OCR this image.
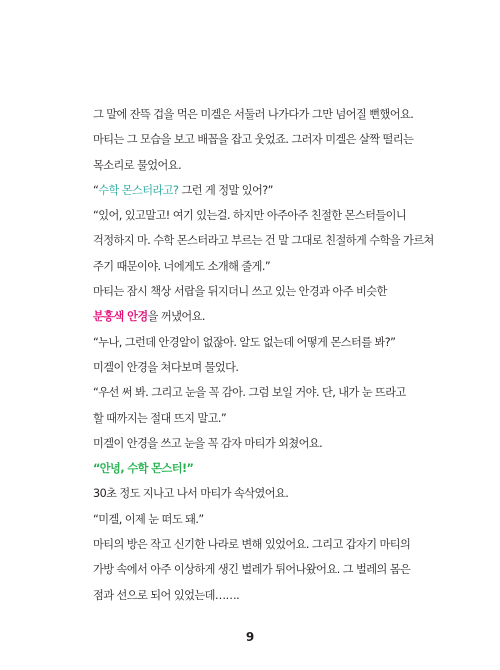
그 말에 잔뜩 겁을 먹은 미겔은 서둘러 나가다가 그만 넘어질 뻔했어요.
마티는 그 모습을 보고 배꼽을 잡고 웃었죠. 그러자 미겔은 살짝 떨리는
목소리로 물었어요.
“수학 몬스터라고? 그런 게 정말 있어?”
“있어, 있고말고! 여기 있는걸. 하지만 아주아주 친절한 몬스터들이니
걱정하지 마. 수학 몬스터라고 부르는 건 말 그대로 친절하게 수학을 가르쳐
주기 때문이야. 너에게도 소개해 줄게.”
마티는 잠시 책상 서랍을 뒤지더니 쓰고 있는 안경과 아주 비슷한
분홍색 안경을 꺼냈어요.
“누나, 그런데 안경알이 없잖아. 알도 없는데 어떻게 몬스터를 봐?”
미겔이 안경을 쳐다보며 물었다.
“우선 써 봐. 그리고 눈을 꼭 감아. 그럼 보일 거야. 단, 내가 눈 뜨라고
할 때까지는 절대 뜨지 말고.”
미겔이 안경을 쓰고 눈을 꼭 감자 마티가 외쳤어요.
“안녕, 수학 몬스터!”
30초 정도 지나고 나서 마티가 속삭였어요.
“미겔, 이제 눈 떠도 돼.”
마티의 방은 작고 신기한 나라로 변해 있었어요. 그리고 갑자기 마티의
가방 속에서 아주 이상하게 생긴 벌레가 튀어나왔어요. 그 벌레의 몸은
점과 선으로 되어 있었는데…….
9
